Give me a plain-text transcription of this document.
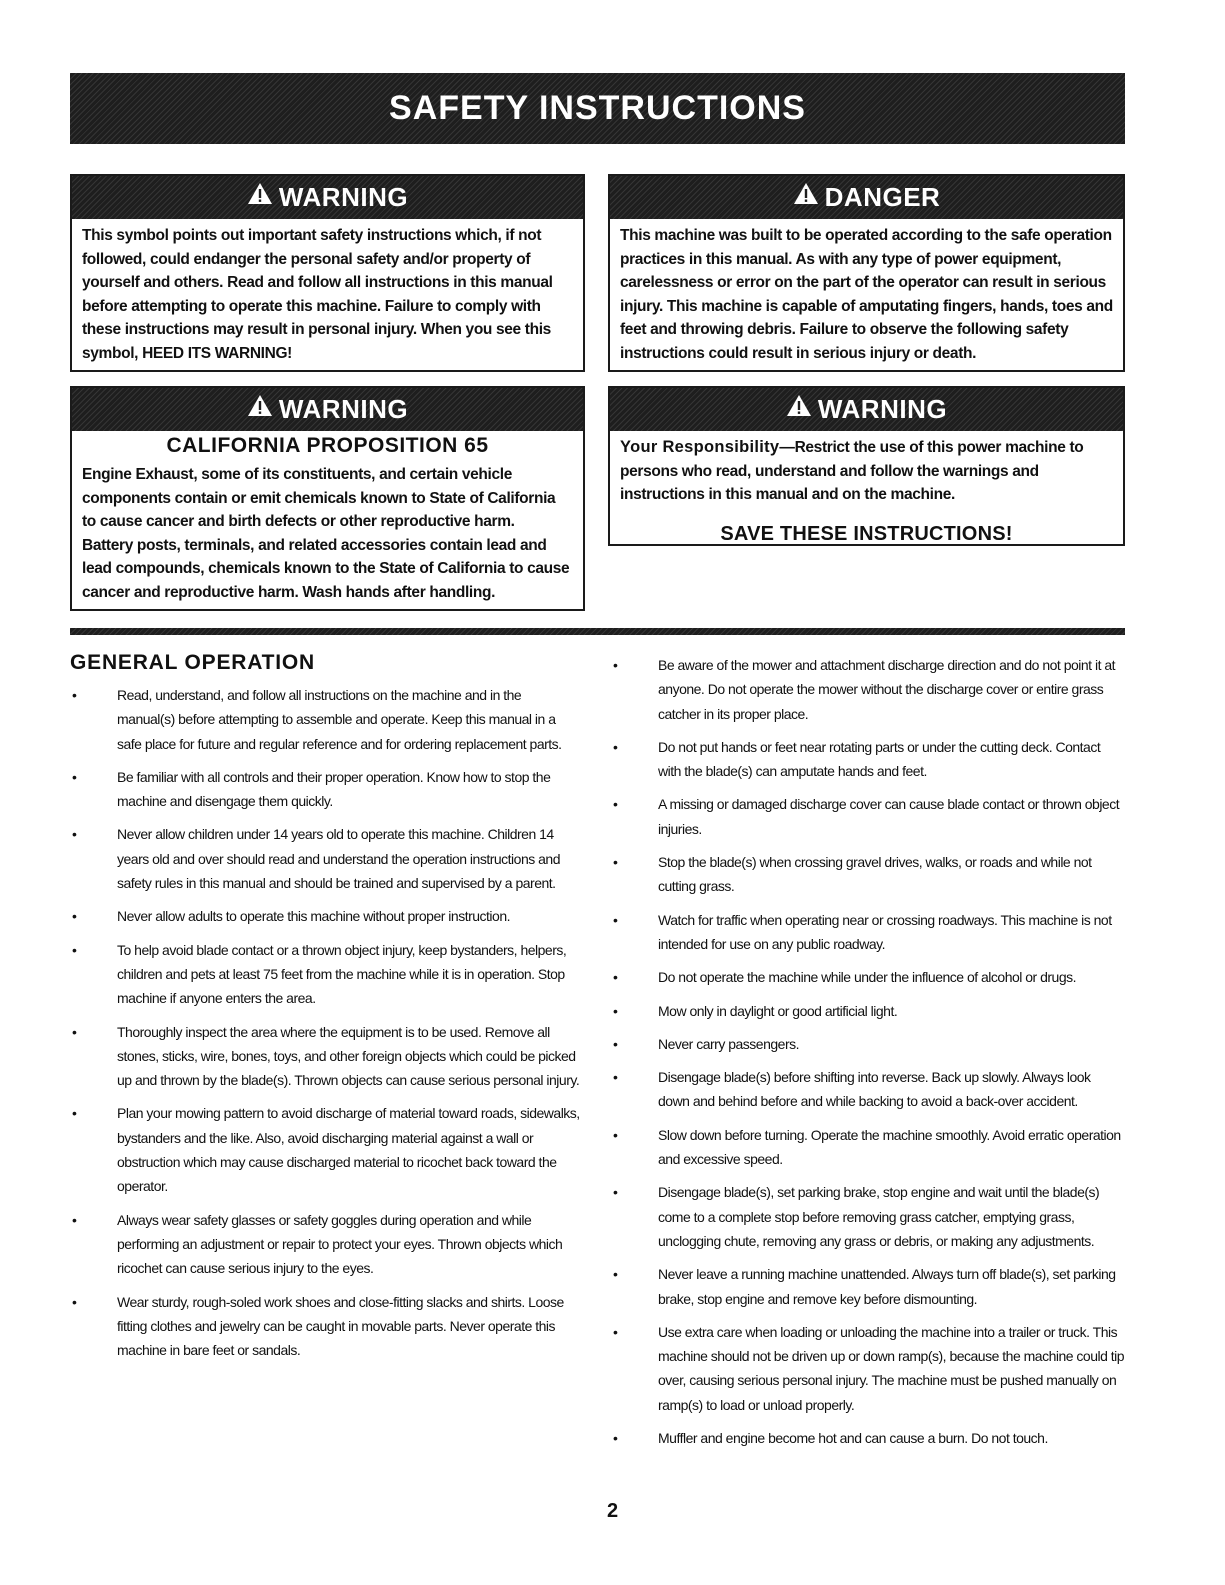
SAFETY INSTRUCTIONS
WARNING

This symbol points out important safety instructions which, if not followed, could endanger the personal safety and/or property of yourself and others. Read and follow all instructions in this manual before attempting to operate this machine. Failure to comply with these instructions may result in personal injury. When you see this symbol, HEED ITS WARNING!

DANGER

This machine was built to be operated according to the safe operation practices in this manual. As with any type of power equipment, carelessness or error on the part of the operator can result in serious injury. This machine is capable of amputating fingers, hands, toes and feet and throwing debris. Failure to observe the following safety instructions could result in serious injury or death.

WARNING
CALIFORNIA PROPOSITION 65

Engine Exhaust, some of its constituents, and certain vehicle components contain or emit chemicals known to State of California to cause cancer and birth defects or other reproductive harm.

Battery posts, terminals, and related accessories contain lead and lead compounds, chemicals known to the State of California to cause cancer and reproductive harm. Wash hands after handling.

WARNING

Your Responsibility—Restrict the use of this power machine to persons who read, understand and follow the warnings and instructions in this manual and on the machine.

SAVE THESE INSTRUCTIONS!
GENERAL OPERATION
•	Read, understand, and follow all instructions on the machine and in the manual(s) before attempting to assemble and operate. Keep this manual in a safe place for future and regular reference and for ordering replacement parts.
•	Be familiar with all controls and their proper operation. Know how to stop the machine and disengage them quickly.
•	Never allow children under 14 years old to operate this machine. Children 14 years old and over should read and understand the operation instructions and safety rules in this manual and should be trained and supervised by a parent.
•	Never allow adults to operate this machine without proper instruction.
•	To help avoid blade contact or a thrown object injury, keep bystanders, helpers, children and pets at least 75 feet from the machine while it is in operation. Stop machine if anyone enters the area.
•	Thoroughly inspect the area where the equipment is to be used. Remove all stones, sticks, wire, bones, toys, and other foreign objects which could be picked up and thrown by the blade(s). Thrown objects can cause serious personal injury.
•	Plan your mowing pattern to avoid discharge of material toward roads, sidewalks, bystanders and the like. Also, avoid discharging material against a wall or obstruction which may cause discharged material to ricochet back toward the operator.
•	Always wear safety glasses or safety goggles during operation and while performing an adjustment or repair to protect your eyes. Thrown objects which ricochet can cause serious injury to the eyes.
•	Wear sturdy, rough-soled work shoes and close-fitting slacks and shirts. Loose fitting clothes and jewelry can be caught in movable parts. Never operate this machine in bare feet or sandals.
•	Be aware of the mower and attachment discharge direction and do not point it at anyone. Do not operate the mower without the discharge cover or entire grass catcher in its proper place.
•	Do not put hands or feet near rotating parts or under the cutting deck. Contact with the blade(s) can amputate hands and feet.
•	A missing or damaged discharge cover can cause blade contact or thrown object injuries.
•	Stop the blade(s) when crossing gravel drives, walks, or roads and while not cutting grass.
•	Watch for traffic when operating near or crossing roadways. This machine is not intended for use on any public roadway.
•	Do not operate the machine while under the influence of alcohol or drugs.
•	Mow only in daylight or good artificial light.
•	Never carry passengers.
•	Disengage blade(s) before shifting into reverse. Back up slowly. Always look down and behind before and while backing to avoid a back-over accident.
•	Slow down before turning. Operate the machine smoothly. Avoid erratic operation and excessive speed.
•	Disengage blade(s), set parking brake, stop engine and wait until the blade(s) come to a complete stop before removing grass catcher, emptying grass, unclogging chute, removing any grass or debris, or making any adjustments.
•	Never leave a running machine unattended. Always turn off blade(s), set parking brake, stop engine and remove key before dismounting.
•	Use extra care when loading or unloading the machine into a trailer or truck. This machine should not be driven up or down ramp(s), because the machine could tip over, causing serious personal injury. The machine must be pushed manually on ramp(s) to load or unload properly.
•	Muffler and engine become hot and can cause a burn. Do not touch.
2
